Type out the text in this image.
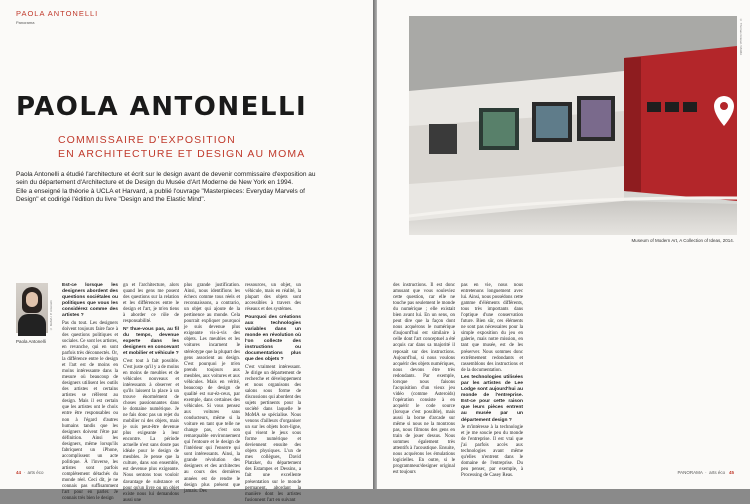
PAOLA ANTONELLI
Panorama
PAOLA ANTONELLI
COMMISSAIRE D'EXPOSITION
EN ARCHITECTURE ET DESIGN AU MOMA

Paola Antonelli a étudié l'architecture et écrit sur le design avant de devenir commissaire d'exposition au sein du département d'Architecture et de Design du Musée d'Art Moderne de New York en 1994.

Elle a enseigné la théorie à UCLA et Harvard, a publié l'ouvrage "Masterpieces: Everyday Marvels of Design" et codirigé l'édition du livre "Design and the Elastic Mind".

© MoMA / P. Antonelli
Paola Antonelli

Est-ce lorsque les designers abordent des questions sociétales ou politiques que vous les considérez comme des artistes ?

Pas du tout. Les designers doivent toujours faire face à des questions politiques et sociales. Ce sont les artistes, en revanche, qui en sont parfois très déconnectés. Or, la différence entre le design et l'art est de moins en moins intéressante dans la mesure où beaucoup de designers utilisent les outils des artistes et certains artistes se réfèrent au design. Mais il est certain que les artistes ont le choix entre être responsables ou non à l'égard d'autres humains tandis que les designers doivent l'être par définition. Ainsi les designers, même lorsqu'ils fabriquent un iPhone, accomplissent un acte politique. À l'inverse, les artistes sont parfois complètement détachés du monde réel. Ceci dit, je ne connais pas suffisamment l'art pour en parler. Je connais très bien le design

gn et l'architecture, alors quand les gens me posent des questions sur la relation et les différences entre le design et l'art, je m'en tiens à aborder ce rôle de responsabilité.

N° thue-vous pas, au fil du temps, devenue experte dans les designers en concevant et mobilier et véhicule ?

C'est tout à fait possible. C'est juste qu'il y a de moins en moins de meubles et de véhicules nouveaux et intéressants à observer et qu'ils laissent la place à un trouve énormément de choses passionnantes dans le domaine numérique. Je ne fais donc pas un rejet du mobilier ni des objets, mais je suis peut-être devenue plus exigeante à leur encontre. La période actuelle n'est sans doute pas idéale pour le design de meubles. Je pense que la culture, dans son ensemble, est devenue plus exigeante. Nous sentons tous vouloir davantage de substance et pour qu'un livre ou un objet existe nous lui demandons aussi une

plus grande justification. Ainsi, nous identifions les échecs comme tous réels et reconnaissons, a contrario, un objet qui ajoute de la pertinence au monde. Cela pourrait expliquer pourquoi je suis devenue plus exigeante vis-à-vis des objets. Les meubles et les voitures incarnent le stéréotype que la plupart des gens associent au design. C'est pourquoi je m'en prends toujours aux meubles, aux voitures et aux véhicules. Mais en vérité, beaucoup de design de qualité est sur-éz-ceux, par exemple, dans certaines des véhicules. Si vous pensez aux voitures sans conducteurs, même si la voiture en tant que telle ne change pas, c'est son remarquable environnement qui l'entoure et le design de l'intérieur qui l'enserre qui sont intéressants. Ainsi, la grande révolution des designers et des architectes au cours des dernières années est de rendre le design plus présent que jamais. Des

ressources, un objet, un véhicule, mais en réalité, la plupart des objets sont accessibles à travers des réseaux et des systèmes.

Pourquoi des créations aux technologies variables dans un monde en révolution où l'on collecte des instructions ou documentations plus que des objets ?

C'est vraiment intéressant. Je dirige un département de recherche et développement et nous organisons des salons sous forme de discussions qui abordent des sujets pertinents pour la société dans laquelle le MoMA se spécialise. Nous venons d'ailleurs d'organiser un sur les objets hors-ligne, qui visent le jeux sous forme numérique et deviennent ensuite des objets physiques. L'un de mes collègues, David Platzker, du département des Estampes et Dessins, a fait une excellente présentation sur le monde permanent, abordant la manière dont les artistes fusionnent l'art en suivant

44  ·  arts éco
© Thomas Griesel / MoMA
Museum of Modern Art, A Collection of Ideas, 2014.

des instructions. Il est donc amusant que vous souleviez cette question, car elle ne touche pas seulement le monde du numérique ; elle existait bien avant lui. En un sens, on peut dire que la façon dont nous acquérons le numérique d'aujourd'hui est similaire à celle dont l'art conceptuel a été acquis car dans sa majorité il reposait sur des instructions. Aujourd'hui, si nous voulons acquérir des objets numériques, nous devons être très redondants. Par exemple, lorsque nous faisons l'acquisition d'un vieux jeu vidéo (comme Asteroids) l'opération consiste à en acquérir le code source (lorsque c'est possible), mais aussi la borne d'arcade sur même si nous ne la montrons pas, nous filmons des gens en train de jouer dessus. Nous sommes également très attentifs à l'acoustique. Ensuite, nous acquérons les émulations logicielles. En outre, si le programmeur/designer original est toujours

pas en vie, nous nous entretenons longuement avec lui. Ainsi, nous possédons cette gamme d'éléments différents, tous très importants dans l'optique d'une conservation future. Bien sûr, ces éléments ne sont pas nécessaires pour la simple exposition du jeu en galerie, mais notre mission, en tant que musée, est de les préserver. Nous sommes donc extrêmement redondants et rassemblons des instructions et de la documentation.

Les technologies utilisées par les artistes de Lee Lodge sont aujourd'hui au monde de l'entreprise. Est-ce pour cette raison que leurs pièces entrent au musée par un département design ?

Je m'intéresse à la technologie et je me soucie peu du monde de l'entreprise. Il est vrai que j'ai parfois accès aux technologies avant même qu'elles n'entrent dans le domaine de l'entreprise. Du peu penser, par exemple, à Processing de Casey Reas.

PANORAMA  ·  arts éco 45
